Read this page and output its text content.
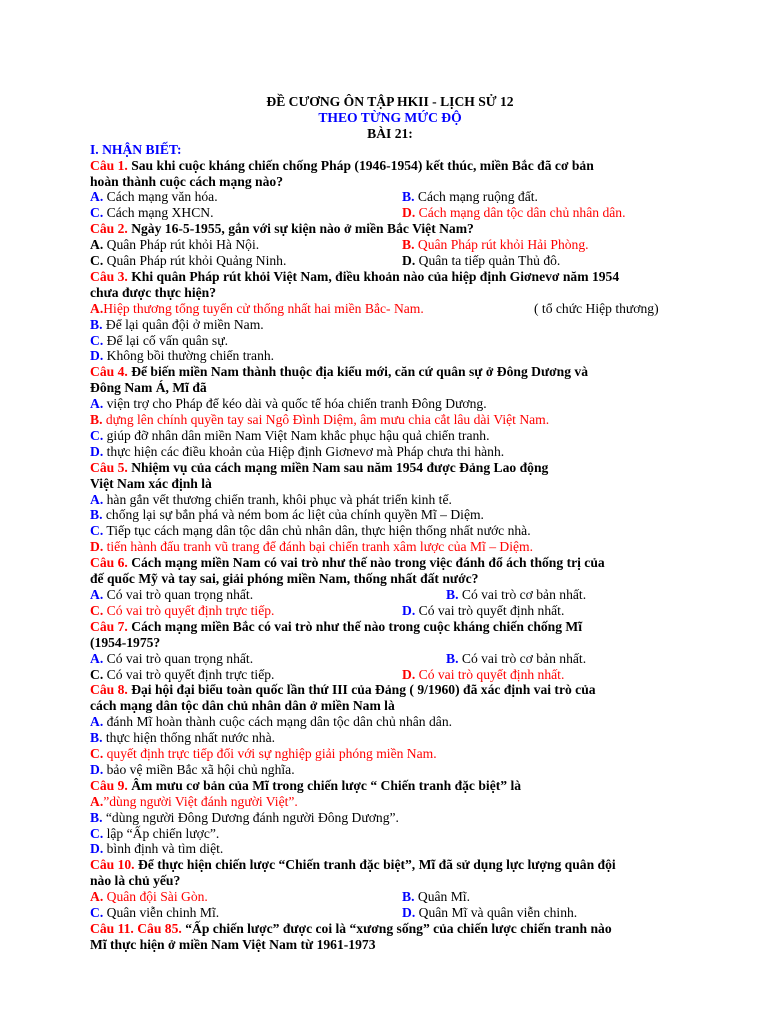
ĐỀ CƯƠNG ÔN TẬP HKII - LỊCH SỬ 12
THEO TỪNG MỨC ĐỘ
BÀI 21:
I. NHẬN BIẾT:
Câu 1. Sau khi cuộc kháng chiến chống Pháp (1946-1954) kết thúc, miền Bắc đã cơ bản
hoàn thành cuộc cách mạng nào?
A. Cách mạng văn hóa.	B. Cách mạng ruộng đất.
C. Cách mạng XHCN.	D. Cách mạng dân tộc dân chủ nhân dân.
Câu 2. Ngày 16-5-1955, gắn với sự kiện nào ở miền Bắc Việt Nam?
A. Quân Pháp rút khỏi Hà Nội.	B. Quân Pháp rút khỏi Hải Phòng.
C. Quân Pháp rút khỏi Quảng Ninh.	D. Quân ta tiếp quản Thủ đô.
Câu 3. Khi quân Pháp rút khỏi Việt Nam, điều khoản nào của hiệp định Giơnevơ năm 1954
chưa được thực hiện?
A.Hiệp thương tổng tuyển cử thống nhất hai miền Bắc- Nam.	( tổ chức Hiệp thương)
B. Để lại quân đội ở miền Nam.
C. Để lại cố vấn quân sự.
D. Không bồi thường chiến tranh.
Câu 4. Để biến miền Nam thành thuộc địa kiểu mới, căn cứ quân sự ở Đông Dương và
Đông Nam Á, Mĩ đã
A. viện trợ cho Pháp để kéo dài và quốc tế hóa chiến tranh Đông Dương.
B. dựng lên chính quyền tay sai Ngô Đình Diệm, âm mưu chia cắt lâu dài Việt Nam.
C. giúp đỡ nhân dân miền Nam Việt Nam khắc phục hậu quả chiến tranh.
D. thực hiện các điều khoản của Hiệp định Giơnevơ mà Pháp chưa thi hành.
Câu 5. Nhiệm vụ của cách mạng miền Nam sau năm 1954 được Đảng Lao động
Việt Nam xác định là
A. hàn gắn vết thương chiến tranh, khôi phục và phát triển kinh tế.
B. chống lại sự bắn phá và ném bom ác liệt của chính quyền Mĩ – Diệm.
C. Tiếp tục cách mạng dân tộc dân chủ nhân dân, thực hiện thống nhất nước nhà.
D. tiến hành đấu tranh vũ trang để đánh bại chiến tranh xâm lược của Mĩ – Diệm.
Câu 6. Cách mạng miền Nam có vai trò như thế nào trong việc đánh đổ ách thống trị của
đế quốc Mỹ và tay sai, giải phóng miền Nam, thống nhất đất nước?
A. Có vai trò quan trọng nhất.	B. Có vai trò cơ bản nhất.
C. Có vai trò quyết định trực tiếp.	D. Có vai trò quyết định nhất.
Câu 7. Cách mạng miền Bắc có vai trò như thế nào trong cuộc kháng chiến chống Mĩ
(1954-1975?
A. Có vai trò quan trọng nhất.	B. Có vai trò cơ bản nhất.
C. Có vai trò quyết định trực tiếp.	D. Có vai trò quyết định nhất.
Câu 8. Đại hội đại biểu toàn quốc lần thứ III của Đảng ( 9/1960) đã xác định vai trò của
cách mạng dân tộc dân chủ nhân dân ở miền Nam là
A. đánh Mĩ hoàn thành cuộc cách mạng dân tộc dân chủ nhân dân.
B. thực hiện thống nhất nước nhà.
C. quyết định trực tiếp đối với sự nghiệp giải phóng miền Nam.
D. bảo vệ miền Bắc xã hội chủ nghĩa.
Câu 9. Âm mưu cơ bản của Mĩ trong chiến lược “ Chiến tranh đặc biệt” là
A.”dùng người Việt đánh người Việt”.
B. “dùng người Đông Dương đánh người Đông Dương”.
C. lập “Ấp chiến lược”.
D. bình định và tìm diệt.
Câu 10. Để thực hiện chiến lược “Chiến tranh đặc biệt”, Mĩ đã sử dụng lực lượng quân đội
nào là chủ yếu?
A. Quân đội Sài Gòn.	B. Quân Mĩ.
C. Quân viễn chinh Mĩ.	D. Quân Mĩ và quân viễn chinh.
Câu 11. Câu 85. “Ấp chiến lược” được coi là “xương sống” của chiến lược chiến tranh nào
Mĩ thực hiện ở miền Nam Việt Nam từ 1961-1973
